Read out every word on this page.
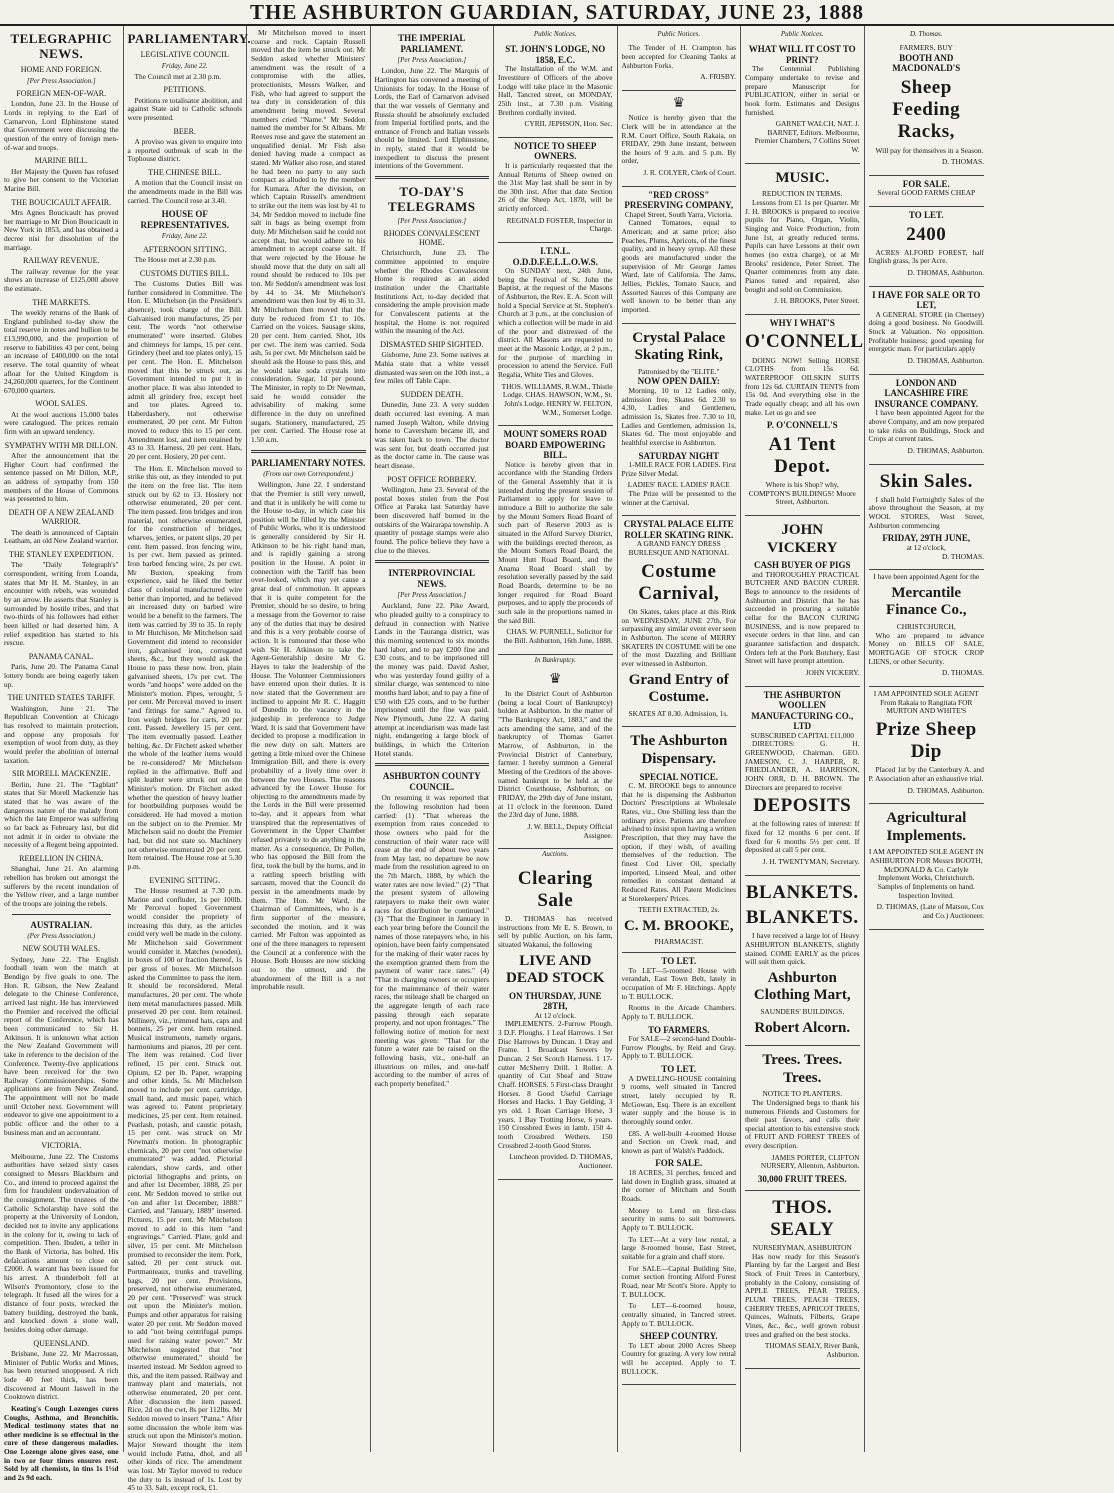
THE ASHBURTON GUARDIAN, SATURDAY, JUNE 23, 1888
TELEGRAPHIC NEWS.
HOME AND FOREIGN.
[Per Press Association.]
FOREIGN MEN-OF-WAR.

London, June 23. In the House of Lords in replying to the Earl of Carnarvon, Lord Elphinstone stated that Government were discussing the question of the entry of foreign men-of-war and troops.

MARINE BILL.

Her Majesty the Queen has refused to give her consent to the Victorian Marine Bill.

THE BOUCICAULT AFFAIR.

Mrs Agnes Boucicault has proved her marriage to Mr Dion Boucicault in New York in 1853, and has obtained a decree nisi for dissolution of the marriage.

RAILWAY REVENUE.

The railway revenue for the year shows an increase of £125,000 above the estimate.

THE MARKETS.

The weekly returns of the Bank of England published to-day show the total reserve in notes and bullion to be £13,990,000, and the proportion of reserve to liabilities 43 per cent, being an increase of £400,000 on the total reserve. The total quantity of wheat afloat for the United Kingdom is 24,260,000 quarters, for the Continent 670,000 quarters.

WOOL SALES.

At the wool auctions 15,000 bales were catalogued. The prices remain firm with an upward tendency.

SYMPATHY WITH MR DILLON.

After the announcement that the Higher Court had confirmed the sentence passed on Mr Dillon, M.P., an address of sympathy from 150 members of the House of Commons was presented to him.

DEATH OF A NEW ZEALAND WARRIOR.

The death is announced of Captain Leatham, an old New Zealand warrior.

THE STANLEY EXPEDITION.

The "Daily Telegraph's" correspondent, writing from Loanda, states that Mr H. M. Stanley, in an encounter with rebels, was wounded by an arrow. He asserts that Stanley is surrounded by hostile tribes, and that two-thirds of his followers had either been killed or had deserted him. A relief expedition has started to his rescue.

PANAMA CANAL.

Paris, June 20. The Panama Canal lottery bonds are being eagerly taken up.

THE UNITED STATES TARIFF.

Washington, June 21. The Republican Convention at Chicago has resolved to maintain protection, and oppose any proposals for exemption of wool from duty, as they would prefer the abolition of internal taxation.

SIR MORELL MACKENZIE.

Berlin, June 21. The "Tagblatt" states that Sir Morell Mackenzie has stated that he was aware of the dangerous nature of the malady from which the late Emperor was suffering so far back as February last, but did not admit it in order to obviate the necessity of a Regent being appointed.

REBELLION IN CHINA.

Shanghai, June 21. An alarming rebellion has broken out amongst the sufferers by the recent inundation of the Yellow river, and a large number of the troops are joining the rebels.

AUSTRALIAN.
(Per Press Association.)
NEW SOUTH WALES.

Sydney, June 22. The English football team won the match at Bendigo by five goals to one. The Hon. R. Gibson, the New Zealand delegate to the Chinese Conference, arrived last night. He has interviewed the Premier and received the official report of the Conference, which has been communicated to Sir H. Atkinson. It is unknown what action the New Zealand Government will take in reference to the decision of the Conference. Twenty-five applications have been received for the two Railway Commissionerships. Some applications are from New Zealand. The appointment will not be made until October next. Government will endeavor to give one appointment to a public officer and the other to a business man and an accountant.

VICTORIA.

Melbourne, June 22. The Customs authorities have seized sixty cases consigned to Messrs Blackburn and Co., and intend to proceed against the firm for fraudulent undervaluation of the consignment. The trustees of the Catholic Scholarship have sold the property at the University of London, decided not to invite any applications in the colony for it, owing to lack of competition. Theo. Ibsden, a teller in the Bank of Victoria, has bolted. His defalcations amount to close on £2000. A warrant has been issued for his arrest. A thunderbolt fell at Wilson's Promontory, close to the telegraph. It fused all the wires for a distance of four posts, wrecked the battery building, destroyed the bank, and knocked down a stone wall, besides doing other damage.

QUEENSLAND.

Brisbane, June 22. Mr Macrossan, Minister of Public Works and Mines, has been returned unopposed. A rich lode 40 feet thick, has been discovered at Mount Jaswell in the Cooktown district.

Keating's Cough Lozenges cures Coughs, Asthma, and Bronchitis. Medical testimony states that no other medicine is so effectual in the cure of these dangerous maladies. One Lozenge alone gives ease, one in two or four times ensures rest. Sold by all chemists, in tins 1s 1½d and 2s 9d each.

PARLIAMENTARY.
LEGISLATIVE COUNCIL
Friday, June 22.

The Council met at 2.30 p.m.

PETITIONS.

Petitions re totalisator abolition, and against State aid to Catholic schools were presented.

BEER.

A proviso was given to enquire into a reported outbreak of scab in the Tophouse district.

THE CHINESE BILL.

A motion that the Council insist on the amendments made in the Bill was carried. The Council rose at 3.40.

HOUSE OF REPRESENTATIVES.
Friday, June 22.
AFTERNOON SITTING.

The House met at 2.30 p.m.

CUSTOMS DUTIES BILL.

The Customs Duties Bill was further considered in Committee. The Hon. E. Mitchelson (in the President's absence), took charge of the Bill. Galvanised iron manufactures, 25 per cent. The words "not otherwise enumerated" were inserted. Globes and chimneys for lamps, 15 per cent. Grindery (heel and toe plates only), 15 per cent. The Hon. E. Mitchelson moved that this be struck out, as Government intended to put it in another place. It was also intended to admit all grindery free, except heel and toe plates. Agreed to. Haberdashery, not otherwise enumerated, 20 per cent. Mr Fulton moved to reduce this to 15 per cent. Amendment lost, and item retained by 43 to 33. Harness, 20 per cent. Hats, 20 per cent. Hosiery, 20 per cent.

The Hon. E. Mitchelson moved to strike this out, as they intended to put the item on the free list. The item struck out by 62 to 13. Hosiery not otherwise enumerated, 20 per cent. The item passed. Iron bridges and iron material, not otherwise enumerated, for the construction of bridges, wharves, jetties, or patent slips, 20 per cent. Item passed. Iron fencing wire, 1s per cwt. Item passed as printed. Iron barbed fencing wire, 2s per cwt. Mr Buxton, speaking from experience, said he liked the better class of colonial manufactured wire better than imported, and he believed an increased duty on barbed wire would be a benefit to the farmers. The item was carried by 39 to 35. In reply to Mr Hutchison, Mr Mitchelson said Government did intend to reconsider iron, galvanised iron, corrugated sheets, &c., but they would ask the House to pass these now. Iron, plain galvanised sheets, 17s per cwt. The words "and hoops" were added on the Minister's motion. Pipes, wrought, 5 per cent. Mr Perceval moved to insert "and fittings for same." Agreed to. Iron weigh bridges for carts, 20 per cent. Passed. Jewellery 15 per cent. The item eventually passed. Leather belting, &c. Dr Fitchett asked whether the whole of the leather items would be re-considered? Mr Mitchelson replied in the affirmative. Buff and split leather were struck out on the Minister's motion. Dr Fitchett asked whether the question of heavy leather for bootbuilding purposes would be considered. He had moved a motion on the subject on to the Premier. Mr Mitchelson said no doubt the Premier had, but did not state so. Machinery not otherwise enumerated 20 per cent. Item retained. The House rose at 5.30 p.m.

EVENING SITTING.

The House resumed at 7.30 p.m. Marine and confluder, 1s per 100lb. Mr Perceval hoped Government would consider the propriety of increasing this duty, as the articles could very well be made in the colony. Mr Mitchelson said Government would consider it. Matches (wooden), in boxes of 100 or fraction thereof, 1s per gross of boxes. Mr Mitchelson asked the Committee to pass the item. It should be reconsidered. Metal manufactures, 20 per cent. The whole item metal manufactures passed. Milk preserved 20 per cent. Item retained. Millinery, viz., trimmed hats, caps and bonnets, 25 per cent. Item retained. Musical instruments, namely organs, harmoniums and pianos, 20 per cent. The item was retained. Cod liver refined, 15 per cent. Struck out. Opium, £2 per lb. Paper, wrapping and other kinds, 5s. Mr Mitchelson moved to include per cent. cartridge, small hand, and music paper, which was agreed to. Patent proprietary medicines, 25 per cent. Item retained. Pearlash, potash, and caustic potash, 15 per cent. was struck on Mr Newman's motion. In photographic chemicals, 20 per cent "not otherwise enumerated" was added. Pictorial calendars, show cards, and other pictorial lithographs and prints, on and after 1st December, 1888, 25 per cent. Mr Seddon moved to strike out "on and after 1st December, 1888." Carried, and "January, 1889" inserted. Pictures, 15 per cent. Mr Mitchelson moved to add to this item "and engravings." Carried. Plate, gold and silver, 15 per cent. Mr Mitchelson promised to reconsider the item. Pork, salted, 20 per cent struck out. Portmanteaux, trunks and travelling bags, 20 per cent. Provisions, preserved, not otherwise enumerated, 20 per cent. "Preserved" was struck out upon the Minister's motion. Pumps and other apparatus for raising water 20 per cent. Mr Seddon moved to add "not being centrifugal pumps used for raising water power." Mr Mitchelson suggested that "not otherwise enumerated," should be inserted instead. Mr Seddon agreed to this, and the item passed. Railway and tramway plant and materials, not otherwise enumerated, 20 per cent. After discussion the item passed. Rice, 2d on the cwt, 8s per 112lbs. Mr Seddon moved to insert "Patna." After some discussion the whole item was struck out upon the Minister's motion. Major Steward thought the item would include Patna, dhol, and all other kinds of rice. The amendment was lost. Mr Taylor moved to reduce the duty to 1s instead of 1s. Lost by 45 to 33. Salt, except rock, £1.

Mr Mitchelson moved to insert coarse and rock. Captain Russell moved that the item be struck out. Mr Seddon asked whether Ministers' amendment was the result of a compromise with the allies, protectionists, Messrs Walker, and Fish, who had agreed to support the tea duty in consideration of this amendment being moved. Several members cried "Name." Mr Seddon named the member for St Albans. Mr Reeves rose and gave the statement an unqualified denial. Mr Fish also denied having made a compact as stated. Mr Walker also rose, and stated he had been no party to any such compact as alluded to by the member for Kumara. After the division, on which Captain Russell's amendment to strike out the item was lost by 41 to 34, Mr Seddon moved to include fine salt in bags as being exempt from duty. Mr Mitchelson said he could not accept that, but would adhere to his amendment to accept coarse salt. If that were rejected by the House he should move that the duty on salt all round should be reduced to 10s per ton. Mr Seddon's amendment was lost by 44 to 34. Mr Mitchelson's amendment was then lost by 46 to 31. Mr Mitchelson then moved that the duty be reduced from £1 to 10s. Carried on the voices. Sausage skins, 20 per cent. Item carried. Shot, 10s per cwt. The item was carried. Soda ash, 5s per cwt. Mr Mitchelson said he should ask the House to pass this, and he would take soda crystals into consideration. Sugar, 1d per pound. The Minister, in reply to Dr Newman, said he would consider the advisability of making some difference in the duty on unrefined sugars. Stationery, manufactured, 25 per cent. Carried. The House rose at 1.50 a.m.

PARLIAMENTARY NOTES.
(From our own Correspondent.)

Wellington, June 22. I understand that the Premier is still very unwell, and that it is unlikely he will come to the House to-day, in which case his position will be filled by the Minister of Public Works, who it is understood is generally considered by Sir H. Atkinson to be his right hand man, and is rapidly gaining a strong position in the House. A point in connection with the Tariff has been over-looked, which may yet cause a great deal of commotion. It appears that it is quite competent for the Premier, should he so desire, to bring a message from the Governor to raise any of the duties that may be desired and this is a very probable course of action. It is rumoured that those who wish Sir H. Atkinson to take the Agent-Generalship desire Mr G. Hayes to take the leadership of the House. The Volunteer Commissioners have entered upon their duties. It is now stated that the Government are inclined to appoint Mr R. C. Haggitt of Dunedin to the vacancy in the judgeship in preference to Judge Ward. It is said that Government have decided to propose a modification in the new duty on salt. Matters are getting a little mixed over the Chinese Immigration Bill, and there is every probability of a lively time over it between the two Houses. The reasons advanced by the Lower House for objecting to the amendments made by the Lords in the Bill were presented to-day, and it appears from what transpired that the representatives of Government in the Upper Chamber refused privately to do anything in the matter. As a consequence, Dr Pollen, who has opposed the Bill from the first, took the bull by the horns, and in a rattling speech bristling with sarcasm, moved that the Council do persist in the amendments made by them. The Hon. Mr Ward, the Chairman of Committees, who is a firm supporter of the measure, seconded the motion, and it was carried. Mr Fulton was appointed as one of the three managers to represent the Council at a conference with the House. Both Houses are now sticking out to the utmost, and the abandonment of the Bill is a not improbable result.

THE IMPERIAL PARLIAMENT.
[Per Press Association.]

London, June 22. The Marquis of Hartington has convened a meeting of Unionists for today. In the House of Lords, the Earl of Carnarvon advised that the war vessels of Germany and Russia should be absolutely excluded from Imperial fortified ports, and the entrance of French and Italian vessels should be limited. Lord Elphinstone, in reply, stated that it would be inexpedient to discuss the present intentions of the Government.

TO-DAY'S TELEGRAMS
[Per Press Association.]
RHODES CONVALESCENT HOME.

Christchurch, June 23. The committee appointed to enquire whether the Rhodes Convalescent Home is required as an aided institution under the Charitable Institutions Act, to-day decided that considering the ample provision made for Convalescent patients at the hospital, the Home is not required within the meaning of the Act.

DISMASTED SHIP SIGHTED.

Gisborne, June 23. Some natives at Mahia state that a white vessel dismasted was seen on the 10th inst., a few miles off Table Cape.

SUDDEN DEATH.

Dunedin, June 23. A very sudden death occurred last evening. A man named Joseph Walton, while driving home to Caversham became ill, and was taken back to town. The doctor was sent for, but death occurred just as the doctor came in. The cause was heart disease.

POST OFFICE ROBBERY.

Wellington, June 23. Several of the postal boxes stolen from the Post Office at Paraka last Saturday have been discovered half burned in the outskirts of the Wairarapa township. A quantity of postage stamps were also found. The police believe they have a clue to the thieves.

INTERPROVINCIAL NEWS.
[Per Press Association.]

Auckland, June 22. Pike Award, who pleaded guilty to a conspiracy to defraud in connection with Native Lands in the Tauranga district, was this morning sentenced to six months hard labor, and to pay £200 fine and £30 costs, and to be imprisoned till the money was paid. David Asher, who was yesterday found guilty of a similar charge, was sentenced to nine months hard labor, and to pay a fine of £50 with £25 costs, and to be further imprisoned until the fine was paid. New Plymouth, June 22. A daring attempt at incendiarism was made last night, endangering a large block of buildings, in which the Criterion Hotel stands.

ASHBURTON COUNTY COUNCIL.

On resuming it was reported that the following resolution had been carried: (1) "That whereas the exemption from rates conceded to those owners who paid for the construction of their water race will cease at the end of about two years from May last, no departure be now made from the resolution agreed to on the 7th March, 1888, by which the water rates are now levied." (2) "That the present system of allowing ratepayers to make their own water races for distribution be continued." (3) "That the Engineer in January in each year bring before the Council the names of those ratepayers who, in his opinion, have been fairly compensated for the making of their water races by the exemption granted them from the payment of water race rates." (4) "That in charging owners or occupiers for the maintenance of their water races, the mileage shall be charged on the aggregate length of each race passing through each separate property, and not upon frontages." The following notice of motion for next meeting was given: "That for the future a water rate be raised on the following basis, viz., one-half an illustrious on miles, and one-half according to the number of acres of each property benefited."

Public Notices.
ST. JOHN'S LODGE, NO 1858, E.C.

The Installation of the W.M. and Investiture of Officers of the above Lodge will take place in the Masonic Hall, Tancred street, on MONDAY, 25th inst., at 7.30 p.m. Visiting Brethren cordially invited.

CYRIL JEPHSON, Hon. Sec.

NOTICE TO SHEEP OWNERS.

It is particularly requested that the Annual Returns of Sheep owned on the 31st May last shall be sent in by the 30th inst. After that date Section 26 of the Sheep Act, 1878, will be strictly enforced.

REGINALD FOSTER, Inspector in Charge.

I.T.N.L. O.D.D.F.E.L.L.O.W.S.

On SUNDAY next, 24th June, being the Festival of St. John the Baptist, at the request of the Masons of Ashburton, the Rev. E. A. Scott will hold a Special Service at St. Stephen's Church at 3 p.m., at the conclusion of which a collection will be made in aid of the poor and distressed of the district. All Masons are requested to meet at the Masonic Lodge, at 2 p.m., for the purpose of marching in procession to attend the Service. Full Regalia, White Ties and Gloves.

THOS. WILLIAMS, R.W.M., Thistle Lodge. CHAS. HAWSON, W.M., St. John's Lodge. HENRY W. FELTON, W.M., Somerset Lodge.

MOUNT SOMERS ROAD BOARD EMPOWERING BILL.

Notice is hereby given that in accordance with the Standing Orders of the General Assembly that it is intended during the present session of Parliament to apply for leave to introduce a Bill to authorize the sale by the Mount Somers Road Board of such part of Reserve 2003 as is situated in the Alford Survey District, with the buildings erected thereon, as the Mount Somers Road Board, the Mount Hutt Road Board, and the Anama Road Board shall by resolution severally passed by the said Road Boards, determine to be no longer required for Road Board purposes, and to apply the proceeds of such sale in the proportions named in the said Bill.

CHAS. W. PURNELL, Solicitor for the Bill. Ashburton, 16th June, 1888.

In Bankruptcy.
♛

In the District Court of Ashburton (being a local Court of Bankruptcy) holden at Ashburton. In the matter of "The Bankruptcy Act, 1883," and the acts amending the same, and of the bankruptcy of Thomas Garret Marrow, of Ashburton, in the Provincial District of Canterbury, farmer. I hereby summon a General Meeting of the Creditors of the above-named bankrupt to be held at the District Courthouse, Ashburton, on FRIDAY, the 29th day of June instant, at 11 o'clock in the forenoon. Dated the 23rd day of June, 1888.

J. W. BELL, Deputy Official Assignee.

Auctions.
Clearing Sale

D. THOMAS has received instructions from Mr E. S. Brown, to sell by public Auction, on his farm, situated Wakanui, the following

LIVE AND DEAD STOCK
ON THURSDAY, JUNE 28TH,
At 12 o'clock.

IMPLEMENTS. 2-Furrow Plough. 3 D.F. Ploughs. 1 Leaf Harrows. 1 Set Disc Harrows by Duncan. 1 Dray and Frame. 1 Broadcast Sowers by Duncan. 2 Set Scotch Harness. 1 17-cutter McSherry Drill. 1 Roller. A quantity of Cut Sheaf and Straw Chaff. HORSES. 5 First-class Draught Horses. 8 Good Useful Carriage Horses and Hacks. 1 Bay Gelding, 3 yrs old. 1 Roan Carriage Horse, 3 years. 1 Bay Trotting Horse, 6 years. 150 Crossbred Ewes in lamb. 150 4-tooth Crossbred Wethers. 150 Crossbred 2-tooth Good Stores.

Luncheon provided. D. THOMAS, Auctioneer.

Public Notices.

The Tender of H. Crampton has been accepted for Cleaning Tanks at Ashburton Forks.

A. FRISBY.

♛

Notice is hereby given that the Clerk will be in attendance at the R.M. Court Office, South Rakaia, on FRIDAY, 29th June instant, between the hours of 9 a.m. and 5 p.m. By order,

J. R. COLYER, Clerk of Court.

"RED CROSS" PRESERVING COMPANY,
Chapel Street, South Yarra, Victoria.

Canned Tomatoes, equal to American; and at same price; also Peaches, Plums, Apricots, of the finest quality, and in heavy syrup. All these goods are manufactured under the supervision of Mr George James Ward, late of California. The Jams, Jellies, Pickles, Tomato Sauce, and Assorted Sauces of this Company are well known to be better than any imported.

Crystal Palace Skating Rink,
Patronised by the "ELITE."
NOW OPEN DAILY:

Morning, 10 to 12 Ladies only, admission free, Skates 6d. 2.30 to 4.30, Ladies and Gentlemen, admission 1s, Skates free. 7.30 to 10, Ladies and Gentlemen, admission 1s, Skates 6d. The most enjoyable and healthful exercise in Ashburton.

SATURDAY NIGHT

1-MILE RACE FOR LADIES. First Prize Silver Medal.

LADIES' RACE. LADIES' RACE

The Prize will be presented to the winner at the Carnival.

CRYSTAL PALACE ELITE ROLLER SKATING RINK.
A GRAND FANCY DRESS BURLESQUE AND NATIONAL
Costume Carnival,

On Skates, takes place at this Rink on WEDNESDAY, JUNE 27th, For surpassing any similar event ever seen in Ashburton. The scene of MERRY SKATERS IN COSTUME will be one of the most Dazzling and Brilliant ever witnessed in Ashburton.

Grand Entry of Costume.

SKATES AT 8.30. Admission, 1s.

The Ashburton Dispensary.
SPECIAL NOTICE.

C. M. BROOKE begs to announce that he is dispensing the Ashburton Doctors' Prescriptions at Wholesale Rates, viz., One Shilling less than the ordinary price. Patients are therefore advised to insist upon having a written Prescription, that they may have the option, if they wish, of availing themselves of the reduction. The finest Cod Liver Oil, specially imported, Linseed Meal, and other remedies in constant demand at Reduced Rates. All Patent Medicines at Storekeepers' Prices.

TEETH EXTRACTED, 2s.
C. M. BROOKE,
PHARMACIST.
TO LET.

To LET—5-roomed House with verandah, East Town Belt, lately in occupation of Mr F. Hitchings. Apply to T. BULLOCK.

Rooms in the Arcade Chambers. Apply to T. BULLOCK.

TO FARMERS.

For SALE—2 second-hand Double-Furrow Ploughs, by Reid and Gray. Apply to T. BULLOCK.

TO LET.

A DWELLING-HOUSE containing 9 rooms, well situated in Tancred street, lately occupied by R. McGowan, Esq. There is an excellent water supply and the house is in thoroughly sound order.

£85. A well-built 4-roomed House and Section on Creek road, and known as part of Walsh's Paddock.

FOR SALE.

18 ACRES, 31 perches, fenced and laid down in English grass, situated at the corner of Mitcham and South Roads.

Money to Lend on first-class security in sums to suit borrowers. Apply to T. BULLOCK.

To LET—At a very low rental, a large 8-roomed house, East Street, suitable for a grain and chaff store.

For SALE—Capital Building Site, corner section fronting Alford Forest Road, near Mr Scott's Store. Apply to T. BULLOCK.

To LET—6-roomed house, centrally situated, in Tancred street. Apply to T. BULLOCK.

SHEEP COUNTRY.

To LET about 2000 Acres Sheep Country for grazing. A very low rental will be accepted. Apply to T. BULLOCK.

Public Notices.
WHAT WILL IT COST TO PRINT?

The Centennial Publishing Company undertake to revise and prepare Manuscript for PUBLICATION, either in serial or book form. Estimates and Designs furnished.

GARNET WALCH, NAT. J. BARNET, Editors. Melbourne, Premier Chambers, 7 Collins Street W.

MUSIC.
REDUCTION IN TERMS.

Lessons from £1 1s per Quarter. Mr J. H. BROOKS is prepared to receive pupils for Piano, Organ, Violin, Singing and Voice Production, from June 1st, at greatly reduced terms. Pupils can have Lessons at their own homes (no extra charge), or at Mr Brooks' residence, Peter Street. The Quarter commences from any date. Pianos tuned and repaired, also bought and sold on Commission.

J. H. BROOKS, Peter Street.

WHY I WHAT'S
O'CONNELL

DOING NOW! Selling HORSE CLOTHS from 15s 6d. WATERPROOF OILSKIN SUITS from 12s 6d. CURTAIN TENTS from 15s 0d. And everything else in the Trade equally cheap; and all his own make. Let us go and see

P. O'CONNELL'S
A1 Tent Depot.

Where is his Shop? why, COMPTON'S BUILDINGS! Moore Street, Ashburton.

JOHN VICKERY
CASH BUYER OF PIGS

and THOROUGHLY PRACTICAL BUTCHER AND BACON CURER. Begs to announce to the residents of Ashburton and District that he has succeeded in procuring a suitable cellar for the BACON CURING BUSINESS, and is now prepared to execute orders in that line, and can guarantee satisfaction and despatch. Orders left at the Pork Butchery, East Street will have prompt attention.

JOHN VICKERY.

THE ASHBURTON WOOLLEN MANUFACTURING CO., LTD
SUBSCRIBED CAPITAL £11,000

DIRECTORS: G. H. GREENWOOD, Chairman. GEO. JAMESON, C. J. HARPER, R. FRIEDLANDER, A. HARRISON, JOHN ORR, D. H. BROWN. The Directors are prepared to receive

DEPOSITS

at the following rates of interest: If fixed for 12 months 6 per cent. If fixed for 6 months 5½ per cent. If deposited at call 5 per cent.

J. H. TWENTYMAN, Secretary.

BLANKETS.
BLANKETS.

I have received a large lot of Heavy ASHBURTON BLANKETS, slightly stained. COME EARLY as the prices will suit them quick.

Ashburton Clothing Mart,
SAUNDERS' BUILDINGS.
Robert Alcorn.
Trees. Trees. Trees.
NOTICE TO PLANTERS.

The Undersigned begs to thank his numerous Friends and Customers for their past favors, and calls their special attention to his extensive stock of FRUIT AND FOREST TREES of every description.

JAMES PORTER, CLIFTON NURSERY, Allenton, Ashburton.

30,000 FRUIT TREES.
THOS. SEALY
NURSERYMAN, ASHBURTON

Has now ready for this Season's Planting by far the Largest and Best Stock of Fruit Trees in Canterbury, probably in the Colony, consisting of APPLE TREES, PEAR TREES, PLUM TREES, PEACH TREES, CHERRY TREES, APRICOT TREES, Quinces, Walnuts, Filberts, Grape Vines, &c., &c., well grown robust trees and grafted on the best stocks.

THOMAS SEALY, River Bank, Ashburton.

D. Thomas.
FARMERS, BUY
BOOTH AND MACDONALD'S
Sheep Feeding Racks,

Will pay for themselves in a Season.

D. THOMAS.

FOR SALE.

Several GOOD FARMS CHEAP

TO LET.
2400

ACRES ALFORD FOREST, half English grass, 3s per Acre.

D. THOMAS, Ashburton.

I HAVE FOR SALE OR TO LET,

A GENERAL STORE (in Chertsey) doing a good business. No Goodwill. Stock at Valuation. No opposition. Profitable business; good opening for energetic man. For particulars apply

D. THOMAS, Ashburton.

LONDON AND LANCASHIRE FIRE INSURANCE COMPANY.

I have been appointed Agent for the above Company, and am now prepared to take risks on Buildings, Stock and Crops at current rates.

D. THOMAS, Ashburton.

Skin Sales.

I shall hold Fortnightly Sales of the above throughout the Season, at my WOOL STORES, West Street, Ashburton commencing

FRIDAY, 29TH JUNE,
at 12 o'clock,

D. THOMAS.

I have been appointed Agent for the

Mercantile Finance Co.,
CHRISTCHURCH,

Who are prepared to advance Money on BILLS OF SALE, MORTGAGE OF STOCK CROP LIENS, or other Security.

D. THOMAS.

I AM APPOINTED SOLE AGENT From Rakaia to Rangitata FOR MURTON AND WHITE'S

Prize Sheep Dip

Placed 1st by the Canterbury A. and P. Association after an exhaustive trial.

D. THOMAS, Ashburton.

Agricultural Implements.

I AM APPOINTED SOLE AGENT IN ASHBURTON FOR Messrs BOOTH, McDONALD & Co. Carlyle Implement Works, Christchurch. Samples of Implements on hand. Inspection Invited.

D. THOMAS, (Late of Matson, Cox and Co.) Auctioneer.
